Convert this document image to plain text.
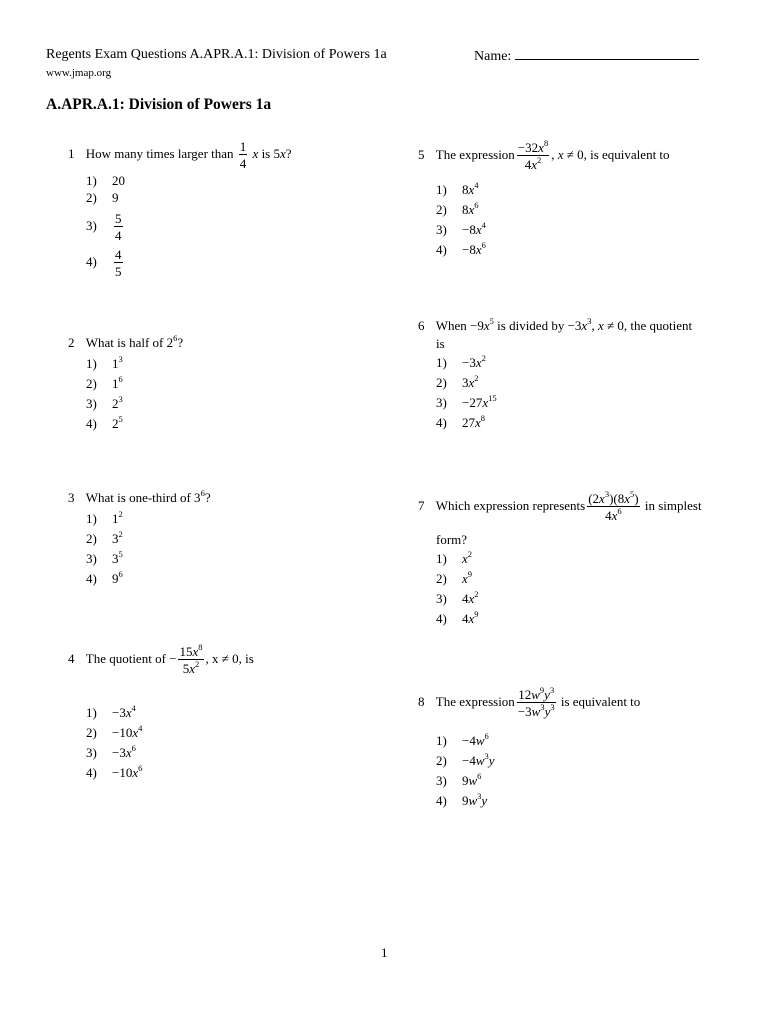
Regents Exam Questions A.APR.A.1: Division of Powers 1a	Name:
www.jmap.org
A.APR.A.1: Division of Powers 1a
1 How many times larger than $\frac{1}{4}$ x is 5x?
1) 20
2) 9
$3) \frac{5}{4}$
$4) \frac{4}{5}$
2 What is half of $2^6$?
1) $1^3$
2) $1^6$
3) $2^3$
4) $2^5$
3 What is one-third of $3^6$?
1) $1^2$
2) $3^2$
3) $3^5$
4) $9^6$
4 The quotient of − $\frac{15x^8}{5x^2}$ , x ≠ 0, is
$1) -3x^4$
$2) -10x^4$
$3) -3x^6$
$4) -10x^6$
5 The expression $\frac{-32x^8}{4x^2}$ , x ≠ 0, is equivalent to
1) $8x^4$
2) $8x^6$
$3) -8x^4$
$4) -8x^6$
6 When $-9x^5$ is divided by $-3x^3$, x ≠ 0, the quotient
is
$1) -3x^2$
2) $3x^2$
$3) -27x^{15}$
4) $27x^8$
7 Which expression represents $\frac{(2x^3)(8x^5)}{4x^6}$ in simplest
form?
1) $x^2$
2) $x^9$
3) $4x^2$
4) $4x^9$
8 The expression $\frac{12w^9y^3}{-3w^3y^3}$ is equivalent to
$1) -4w^6$
$2) -4w^3y$
3) $9w^6$
4) $9w^3y$
1
